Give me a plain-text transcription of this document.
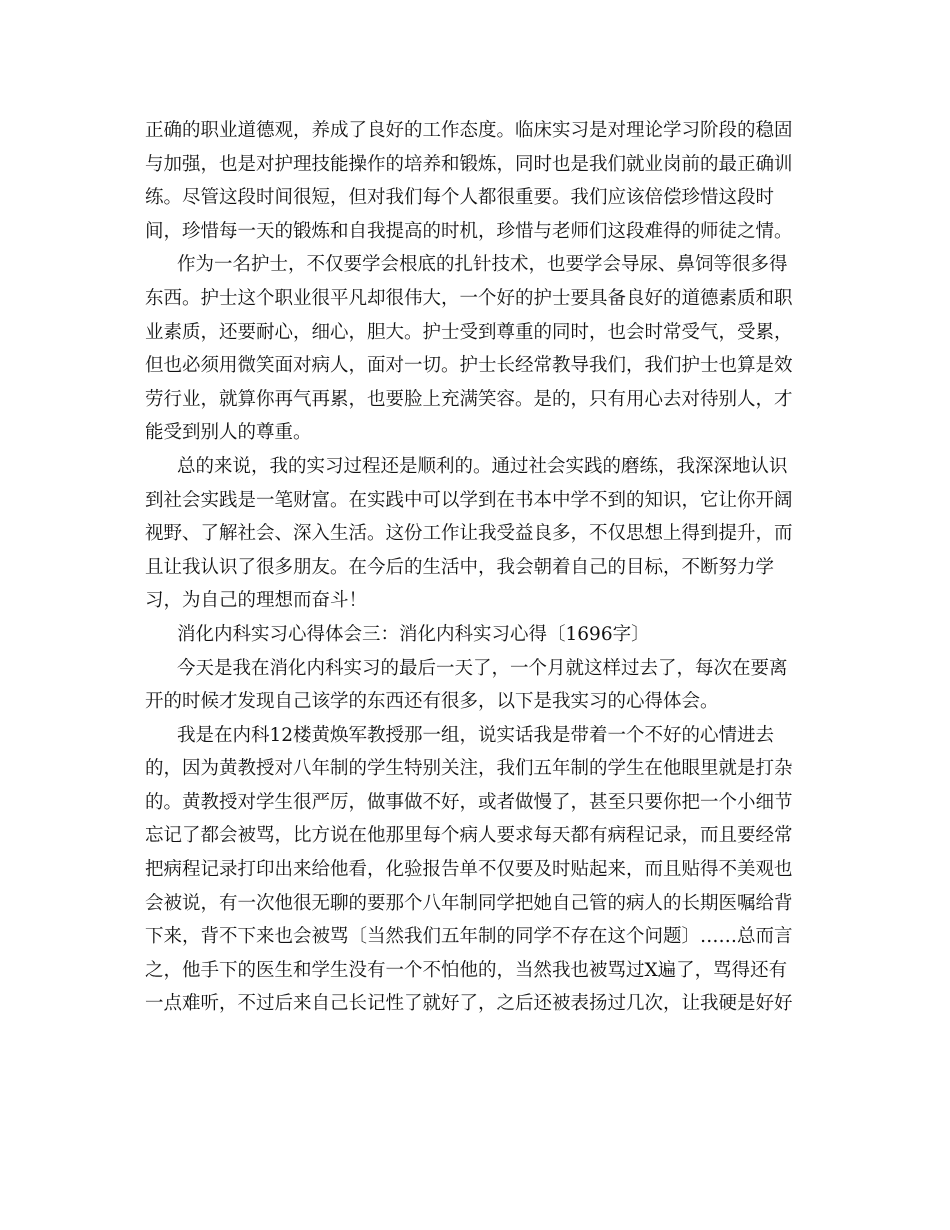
正确的职业道德观，养成了良好的工作态度。临床实习是对理论学习阶段的稳固
与加强，也是对护理技能操作的培养和锻炼，同时也是我们就业岗前的最正确训
练。尽管这段时间很短，但对我们每个人都很重要。我们应该倍偿珍惜这段时
间，珍惜每一天的锻炼和自我提高的时机，珍惜与老师们这段难得的师徒之情。
作为一名护士，不仅要学会根底的扎针技术，也要学会导尿、鼻饲等很多得
东西。护士这个职业很平凡却很伟大，一个好的护士要具备良好的道德素质和职
业素质，还要耐心，细心，胆大。护士受到尊重的同时，也会时常受气，受累，
但也必须用微笑面对病人，面对一切。护士长经常教导我们，我们护士也算是效
劳行业，就算你再气再累，也要脸上充满笑容。是的，只有用心去对待别人，才
能受到别人的尊重。
总的来说，我的实习过程还是顺利的。通过社会实践的磨练，我深深地认识
到社会实践是一笔财富。在实践中可以学到在书本中学不到的知识，它让你开阔
视野、了解社会、深入生活。这份工作让我受益良多，不仅思想上得到提升，而
且让我认识了很多朋友。在今后的生活中，我会朝着自己的目标，不断努力学
习，为自己的理想而奋斗！
消化内科实习心得体会三：消化内科实习心得〔1696字〕
今天是我在消化内科实习的最后一天了，一个月就这样过去了，每次在要离
开的时候才发现自己该学的东西还有很多，以下是我实习的心得体会。
我是在内科12楼黄焕军教授那一组，说实话我是带着一个不好的心情进去
的，因为黄教授对八年制的学生特别关注，我们五年制的学生在他眼里就是打杂
的。黄教授对学生很严厉，做事做不好，或者做慢了，甚至只要你把一个小细节
忘记了都会被骂，比方说在他那里每个病人要求每天都有病程记录，而且要经常
把病程记录打印出来给他看，化验报告单不仅要及时贴起来，而且贴得不美观也
会被说，有一次他很无聊的要那个八年制同学把她自己管的病人的长期医嘱给背
下来，背不下来也会被骂〔当然我们五年制的同学不存在这个问题〕……总而言
之，他手下的医生和学生没有一个不怕他的，当然我也被骂过X遍了，骂得还有
一点难听，不过后来自己长记性了就好了，之后还被表扬过几次，让我硬是好好
